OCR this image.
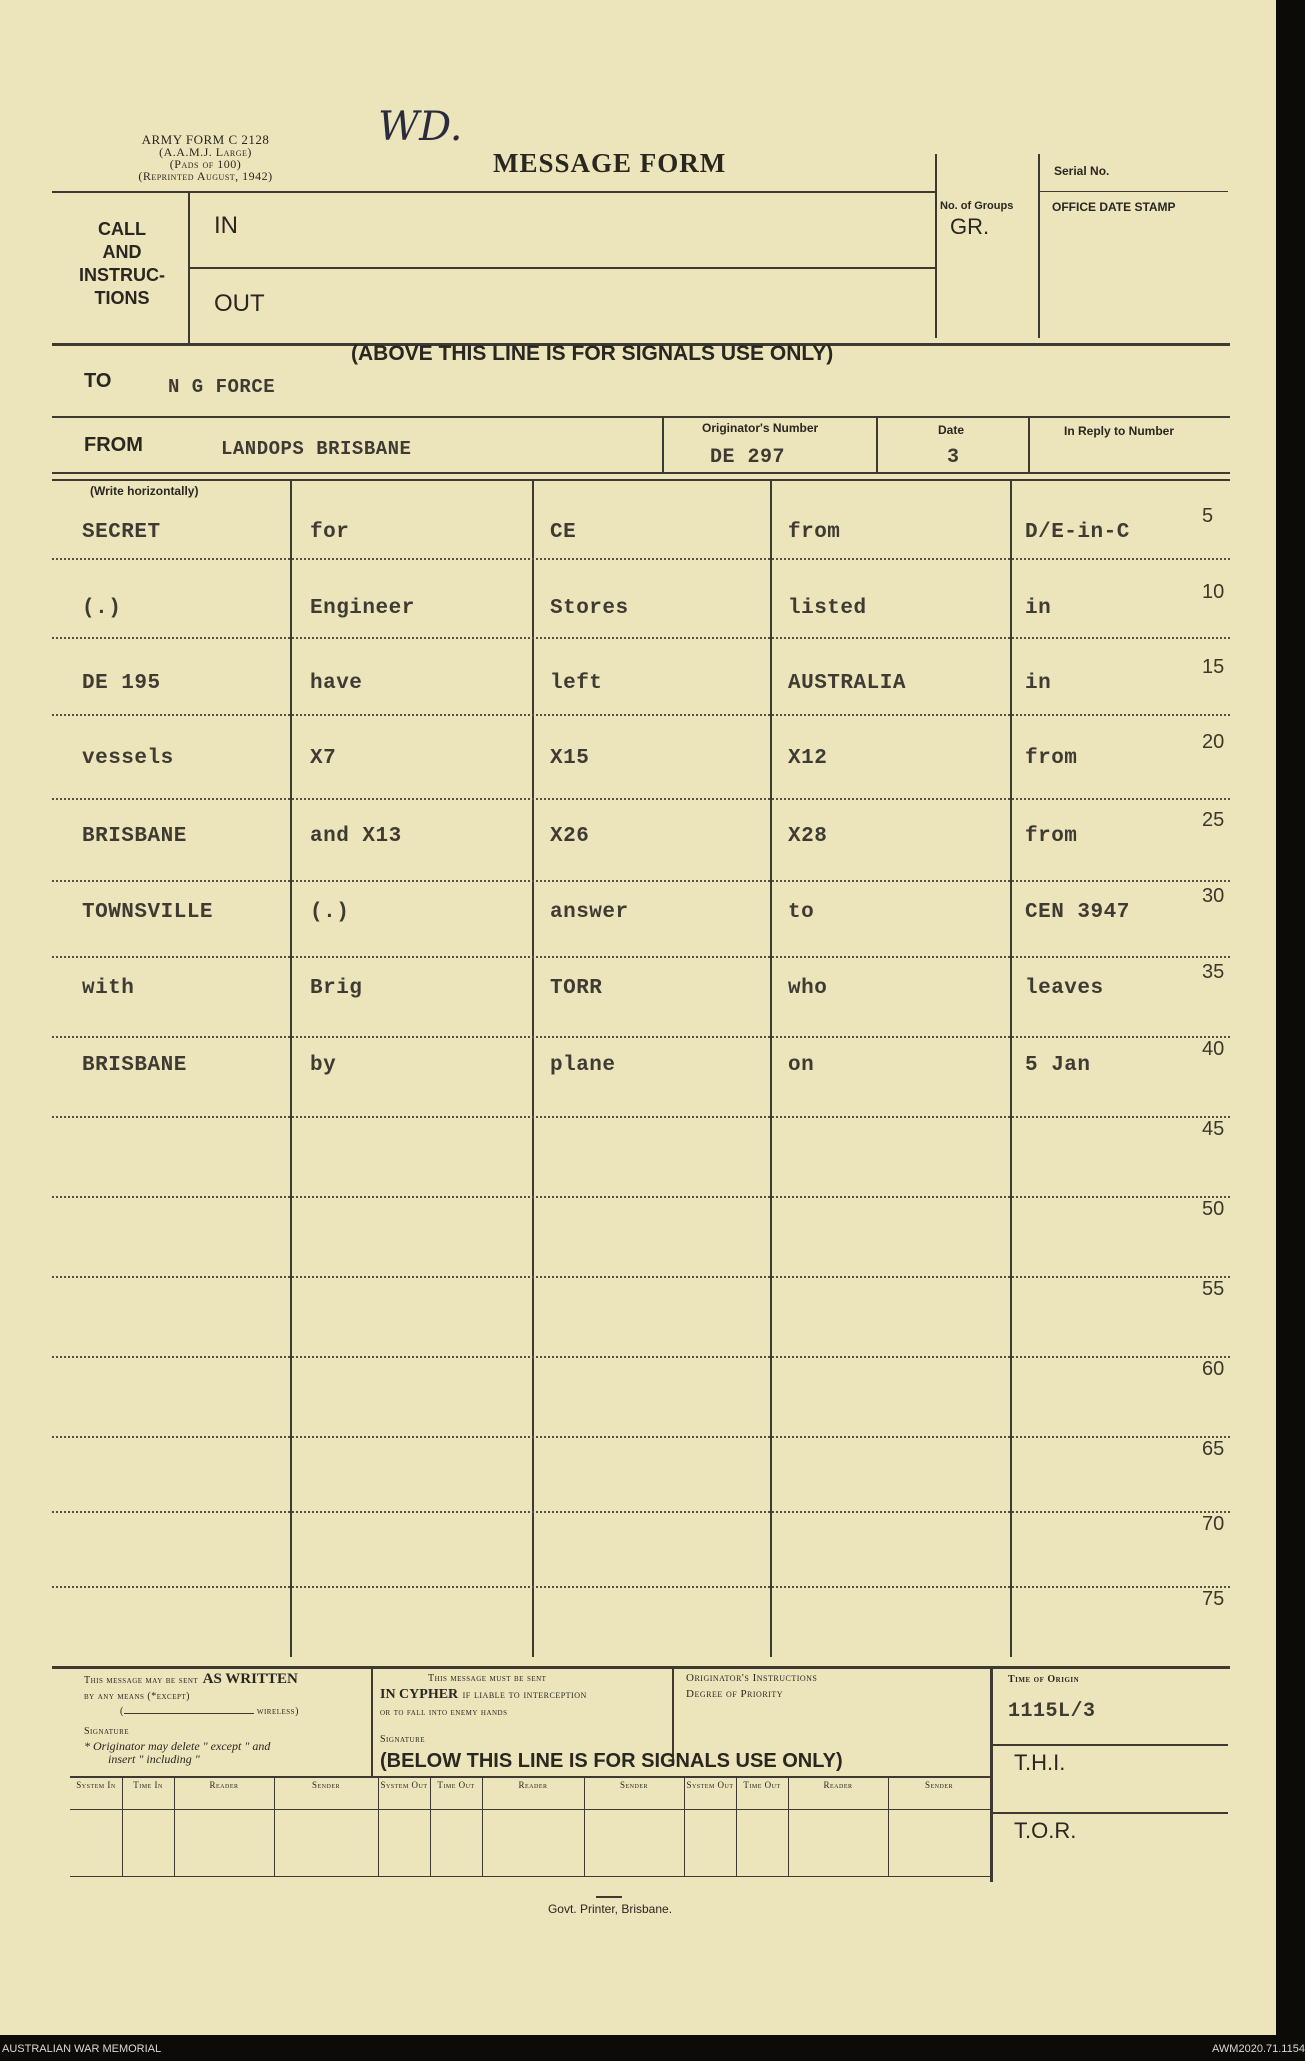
ARMY FORM C 2128
(A.A.M.J. Large)
(Pads of 100)
(Reprinted August, 1942)
WD.
MESSAGE FORM	Serial No.
No. of Groups
GR.
OFFICE DATE STAMP
CALL
AND
INSTRUC-
TIONS
IN
OUT
(ABOVE THIS LINE IS FOR SIGNALS USE ONLY)
TO	N G FORCE
FROM	LANDOPS BRISBANE
Originator's Number
DE 297
Date
3
In Reply to Number
(Write horizontally)
SECRET	for	CE	from	D/E-in-C
5
(.)	Engineer	Stores	listed	in
10
DE 195	have	left	AUSTRALIA	in
15
vessels	X7	X15	X12	from
20
BRISBANE	and X13	X26	X28	from
25
TOWNSVILLE	(.)	answer	to	CEN 3947
30
with	Brig	TORR	who	leaves
35
BRISBANE	by	plane	on	5 Jan
40
45
50
55
60
65
70
75
This message may be sent AS WRITTEN
by any means (*except)
(	wireless)
Signature
* Originator may delete " except " and
insert " including "
This message must be sent
IN CYPHER if liable to interception
or to fall into enemy hands
Signature
Originator's Instructions
Degree of Priority
Time of Origin
1115L/3
T.H.I.
T.O.R.
(BELOW THIS LINE IS FOR SIGNALS USE ONLY)
System In	Time In	Reader	Sender	System Out	Time Out	Reader	Sender	System Out	Time Out	Reader	Sender
Govt. Printer, Brisbane.
AUSTRALIAN WAR MEMORIAL	AWM2020.71.1154
